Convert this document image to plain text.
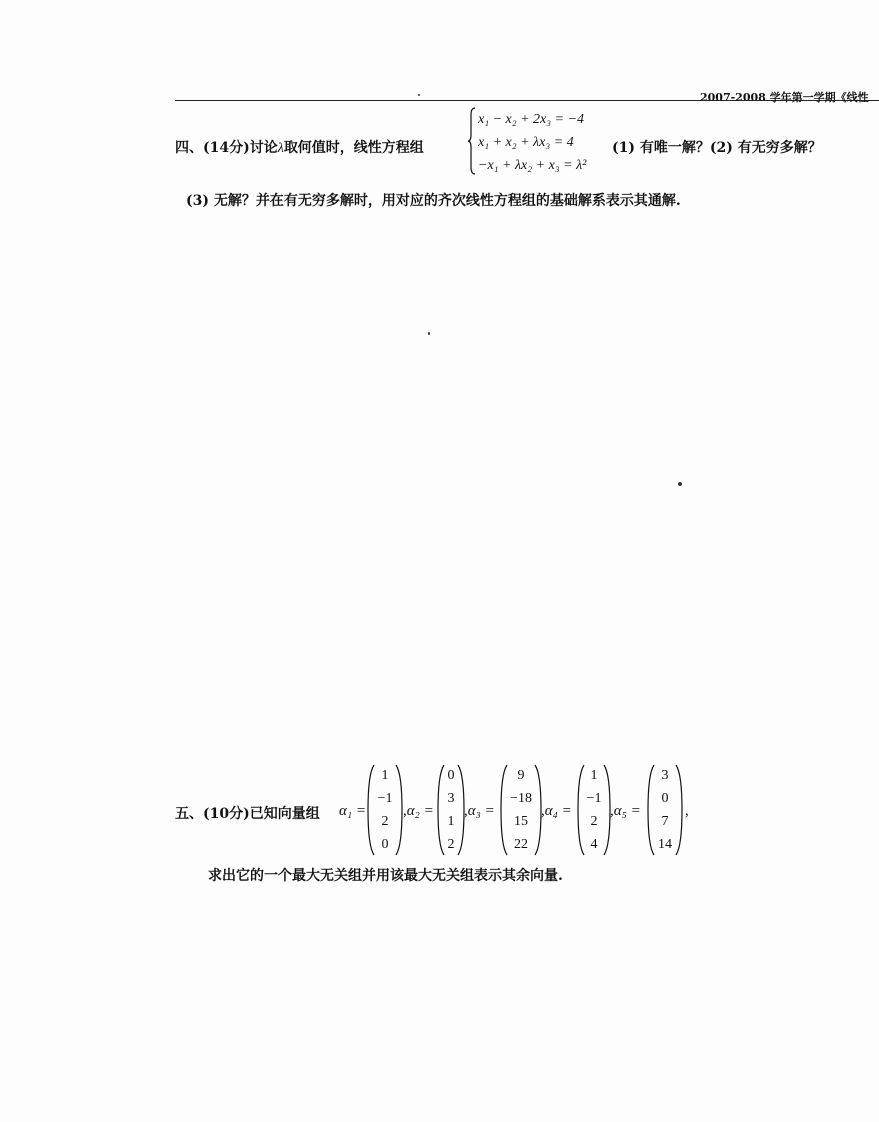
2007-2008 学年第一学期《线性
四、(14分)讨论λ取何值时，线性方程组
x₁ − x₂ + 2x₃ = −4
x₁ + x₂ + λx₃ = 4
−x₁ + λx₂ + x₃ = λ²
(1) 有唯一解？(2) 有无穷多解？
(3) 无解？并在有无穷多解时，用对应的齐次线性方程组的基础解系表示其通解.
五、(10分)已知向量组 α₁ =
1
−1
2
0
,α₂ =
0
3
1
2
,α₃ =
9
−18
15
22
,α₄ =
1
−1
2
4
,α₅ =
3
0
7
14
,
求出它的一个最大无关组并用该最大无关组表示其余向量.
